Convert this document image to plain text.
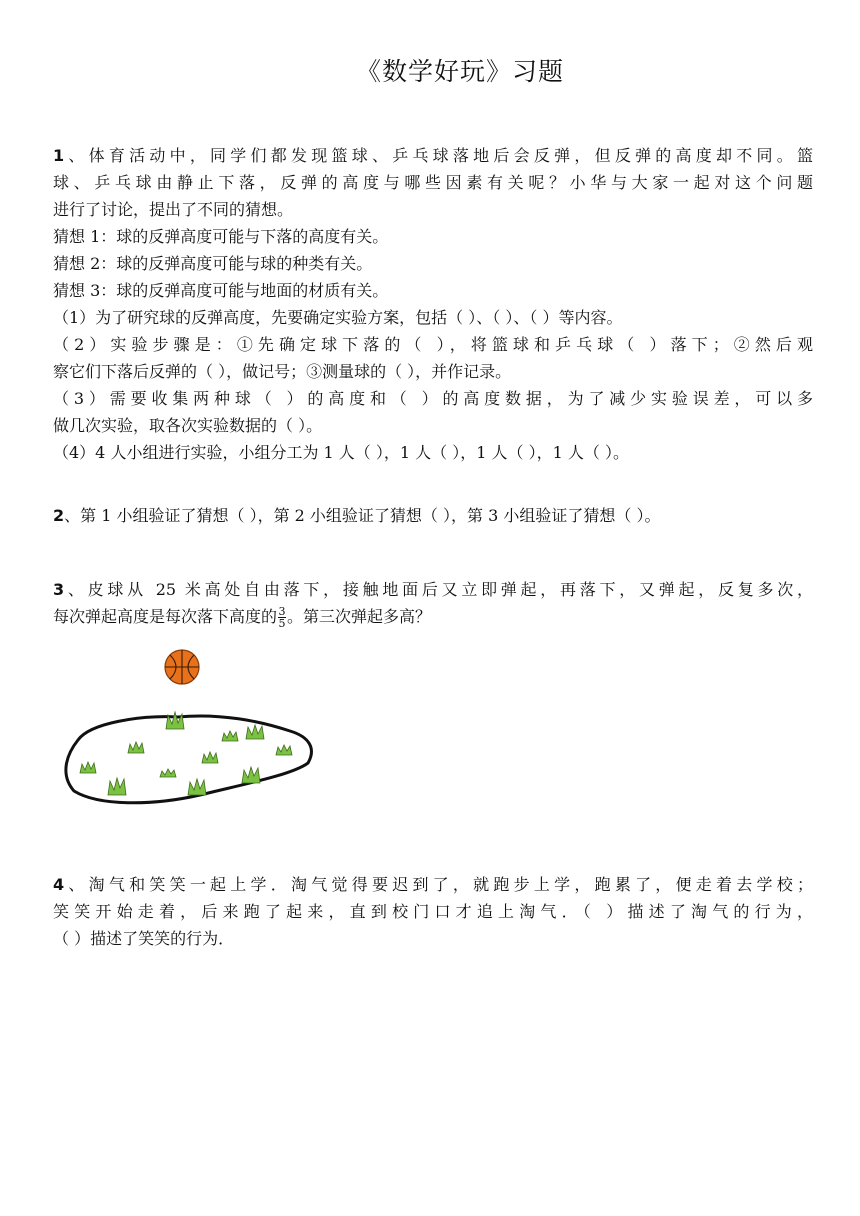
《数学好玩》习题
1、体育活动中，同学们都发现篮球、乒乓球落地后会反弹，但反弹的高度却不同。篮
球、乒乓球由静止下落，反弹的高度与哪些因素有关呢？小华与大家一起对这个问题
进行了讨论，提出了不同的猜想。
猜想 1：球的反弹高度可能与下落的高度有关。
猜想 2：球的反弹高度可能与球的种类有关。
猜想 3：球的反弹高度可能与地面的材质有关。
（1）为了研究球的反弹高度，先要确定实验方案，包括（ ）、（ ）、（ ）等内容。
（2）实验步骤是：①先确定球下落的（ ），将篮球和乒乓球（ ）落下；②然后观
察它们下落后反弹的（ ），做记号；③测量球的（ ），并作记录。
（3）需要收集两种球（ ）的高度和（ ）的高度数据，为了减少实验误差，可以多
做几次实验，取各次实验数据的（ ）。
（4）4 人小组进行实验，小组分工为 1 人（ ），1 人（ ），1 人（ ），1 人（ ）。
2、第 1 小组验证了猜想（ ），第 2 小组验证了猜想（ ），第 3 小组验证了猜想（ ）。
3、皮球从 25 米高处自由落下，接触地面后又立即弹起，再落下，又弹起，反复多次，
每次弹起高度是每次落下高度的 $\frac{3}{5}$ 。第三次弹起多高？
4、淘气和笑笑一起上学．淘气觉得要迟到了，就跑步上学，跑累了，便走着去学校；
笑笑开始走着，后来跑了起来，直到校门口才追上淘气．（ ）描述了淘气的行为，
（ ）描述了笑笑的行为．
